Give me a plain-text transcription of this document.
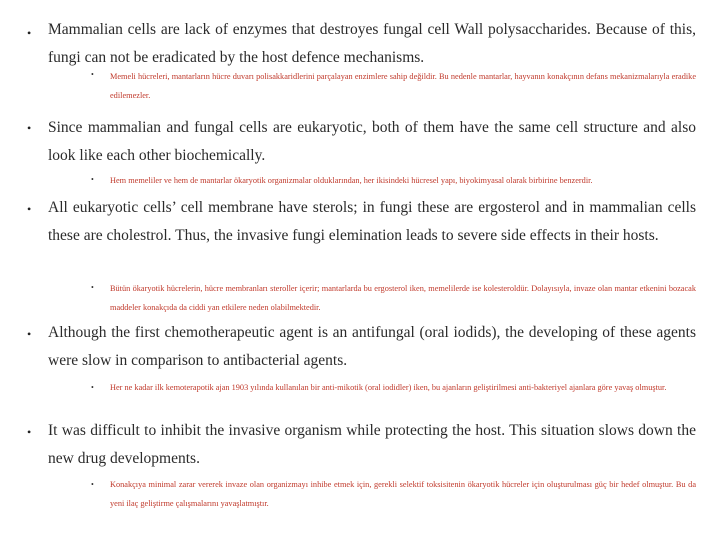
• Mammalian cells are lack of enzymes that destroyes fungal cell Wall polysaccharides. Because of this, fungi can not be eradicated by the host defence mechanisms.
• Memeli hücreleri, mantarların hücre duvarı polisakkaridlerini parçalayan enzimlere sahip değildir. Bu nedenle mantarlar, hayvanın konakçının defans mekanizmalarıyla eradike edilemezler.
• Since mammalian and fungal cells are eukaryotic, both of them have the same cell structure and also look like each other biochemically.
• Hem memeliler ve hem de mantarlar ökaryotik organizmalar olduklarından, her ikisindeki hücresel yapı, biyokimyasal olarak birbirine benzerdir.
• All eukaryotic cells’ cell membrane have sterols; in fungi these are ergosterol and in mammalian cells these are cholestrol. Thus, the invasive fungi elemination leads to severe side effects in their hosts.
• Bütün ökaryotik hücrelerin, hücre membranları steroller içerir; mantarlarda bu ergosterol iken, memelilerde ise kolesteroldür. Dolayısıyla, invaze olan mantar etkenini bozacak maddeler konakçıda da ciddi yan etkilere neden olabilmektedir.
• Although the first chemotherapeutic agent is an antifungal (oral iodids), the developing of these agents were slow in comparison to antibacterial agents.
• Her ne kadar ilk kemoterapotik ajan 1903 yılında kullanılan bir anti-mikotik (oral iodidler) iken, bu ajanların geliştirilmesi anti-bakteriyel ajanlara göre yavaş olmuştur.
• It was difficult to inhibit the invasive organism while protecting the host. This situation slows down the new drug developments.
• Konakçıya minimal zarar vererek invaze olan organizmayı inhibe etmek için, gerekli selektif toksisitenin ökaryotik hücreler için oluşturulması güç bir hedef olmuştur. Bu da yeni ilaç geliştirme çalışmalarını yavaşlatmıştır.
